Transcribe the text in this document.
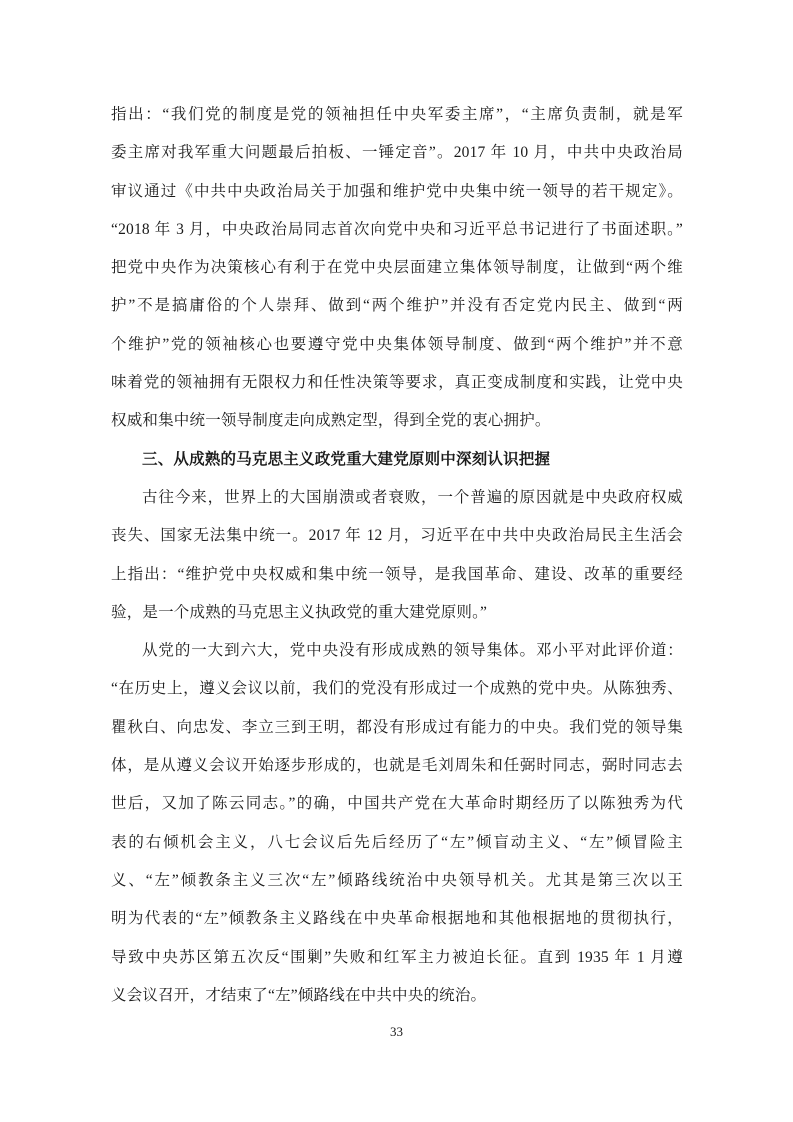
指出：“我们党的制度是党的领袖担任中央军委主席”，“主席负责制，就是军
委主席对我军重大问题最后拍板、一锤定音”。2017 年 10 月，中共中央政治局
审议通过《中共中央政治局关于加强和维护党中央集中统一领导的若干规定》。
“2018 年 3 月，中央政治局同志首次向党中央和习近平总书记进行了书面述职。”
把党中央作为决策核心有利于在党中央层面建立集体领导制度，让做到“两个维
护”不是搞庸俗的个人崇拜、做到“两个维护”并没有否定党内民主、做到“两
个维护”党的领袖核心也要遵守党中央集体领导制度、做到“两个维护”并不意
味着党的领袖拥有无限权力和任性决策等要求，真正变成制度和实践，让党中央
权威和集中统一领导制度走向成熟定型，得到全党的衷心拥护。
三、从成熟的马克思主义政党重大建党原则中深刻认识把握
古往今来，世界上的大国崩溃或者衰败，一个普遍的原因就是中央政府权威
丧失、国家无法集中统一。2017 年 12 月，习近平在中共中央政治局民主生活会
上指出：“维护党中央权威和集中统一领导，是我国革命、建设、改革的重要经
验，是一个成熟的马克思主义执政党的重大建党原则。”
从党的一大到六大，党中央没有形成成熟的领导集体。邓小平对此评价道：
“在历史上，遵义会议以前，我们的党没有形成过一个成熟的党中央。从陈独秀、
瞿秋白、向忠发、李立三到王明，都没有形成过有能力的中央。我们党的领导集
体，是从遵义会议开始逐步形成的，也就是毛刘周朱和任弼时同志，弼时同志去
世后，又加了陈云同志。”的确，中国共产党在大革命时期经历了以陈独秀为代
表的右倾机会主义，八七会议后先后经历了“左”倾盲动主义、“左”倾冒险主
义、“左”倾教条主义三次“左”倾路线统治中央领导机关。尤其是第三次以王
明为代表的“左”倾教条主义路线在中央革命根据地和其他根据地的贯彻执行，
导致中央苏区第五次反“围剿”失败和红军主力被迫长征。直到 1935 年 1 月遵
义会议召开，才结束了“左”倾路线在中共中央的统治。
33
